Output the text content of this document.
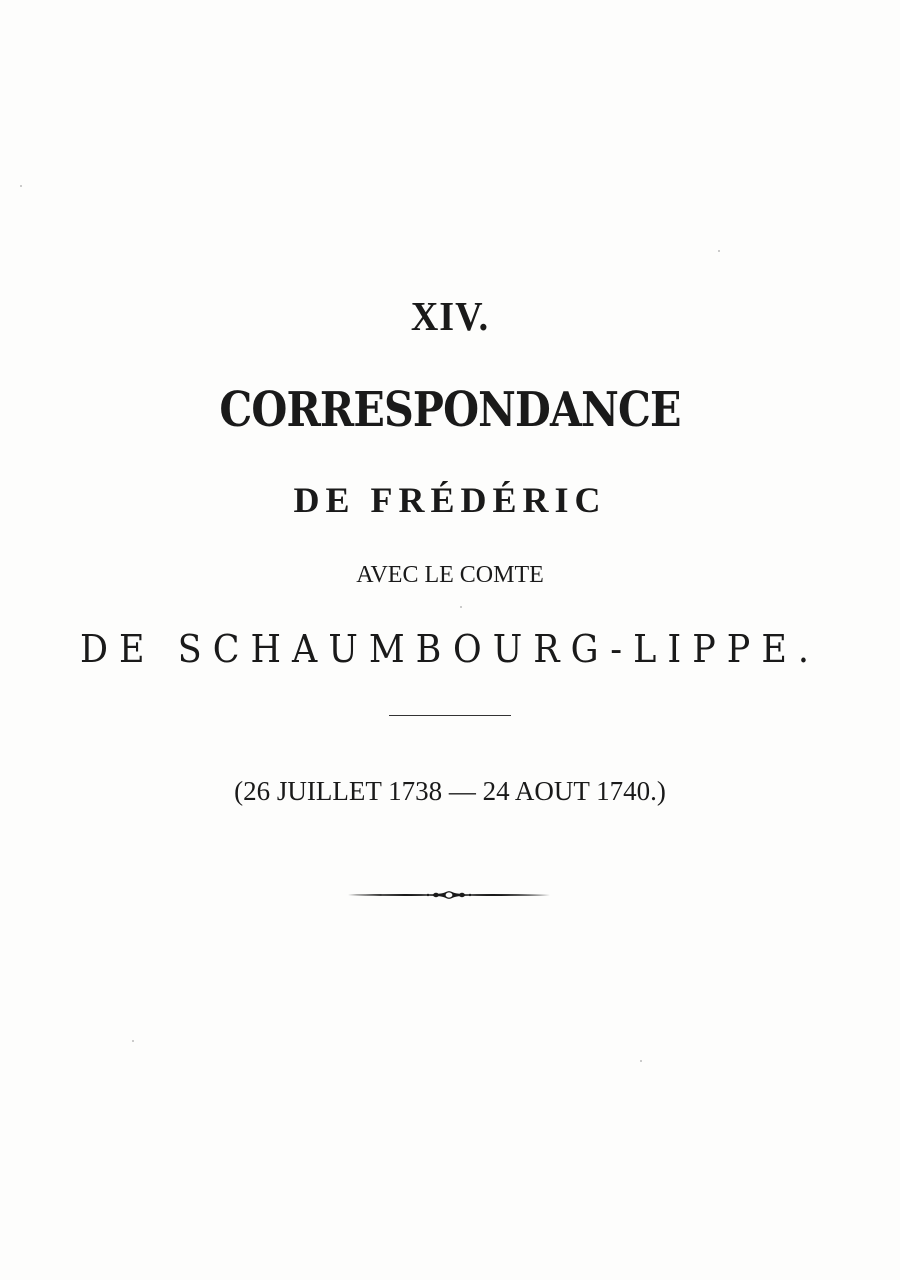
XIV.
CORRESPONDANCE
DE FRÉDÉRIC
AVEC LE COMTE
DE SCHAUMBOURG-LIPPE.
(26 JUILLET 1738 — 24 AOUT 1740.)
